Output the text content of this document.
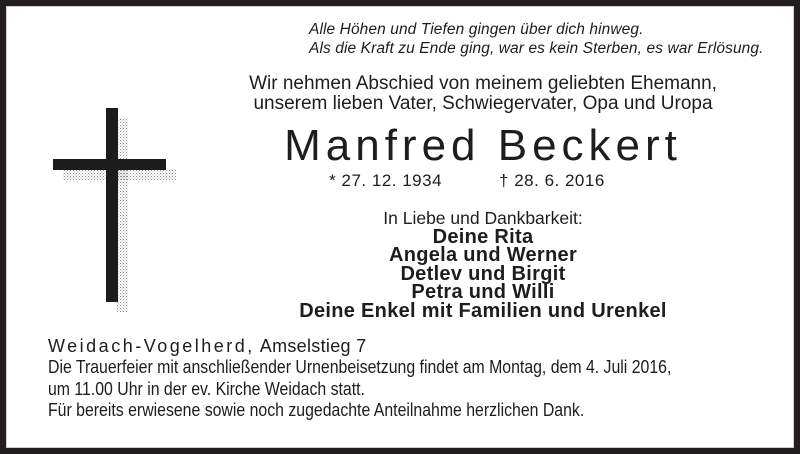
Alle Höhen und Tiefen gingen über dich hinweg.
Als die Kraft zu Ende ging, war es kein Sterben, es war Erlösung.
Wir nehmen Abschied von meinem geliebten Ehemann,
unserem lieben Vater, Schwiegervater, Opa und Uropa
Manfred Beckert
* 27. 12. 1934	† 28. 6. 2016
In Liebe und Dankbarkeit:
Deine Rita
Angela und Werner
Detlev und Birgit
Petra und Willi
Deine Enkel mit Familien und Urenkel
Weidach-Vogelherd, Amselstieg 7
Die Trauerfeier mit anschließender Urnenbeisetzung findet am Montag, dem 4. Juli 2016,
um 11.00 Uhr in der ev. Kirche Weidach statt.
Für bereits erwiesene sowie noch zugedachte Anteilnahme herzlichen Dank.
